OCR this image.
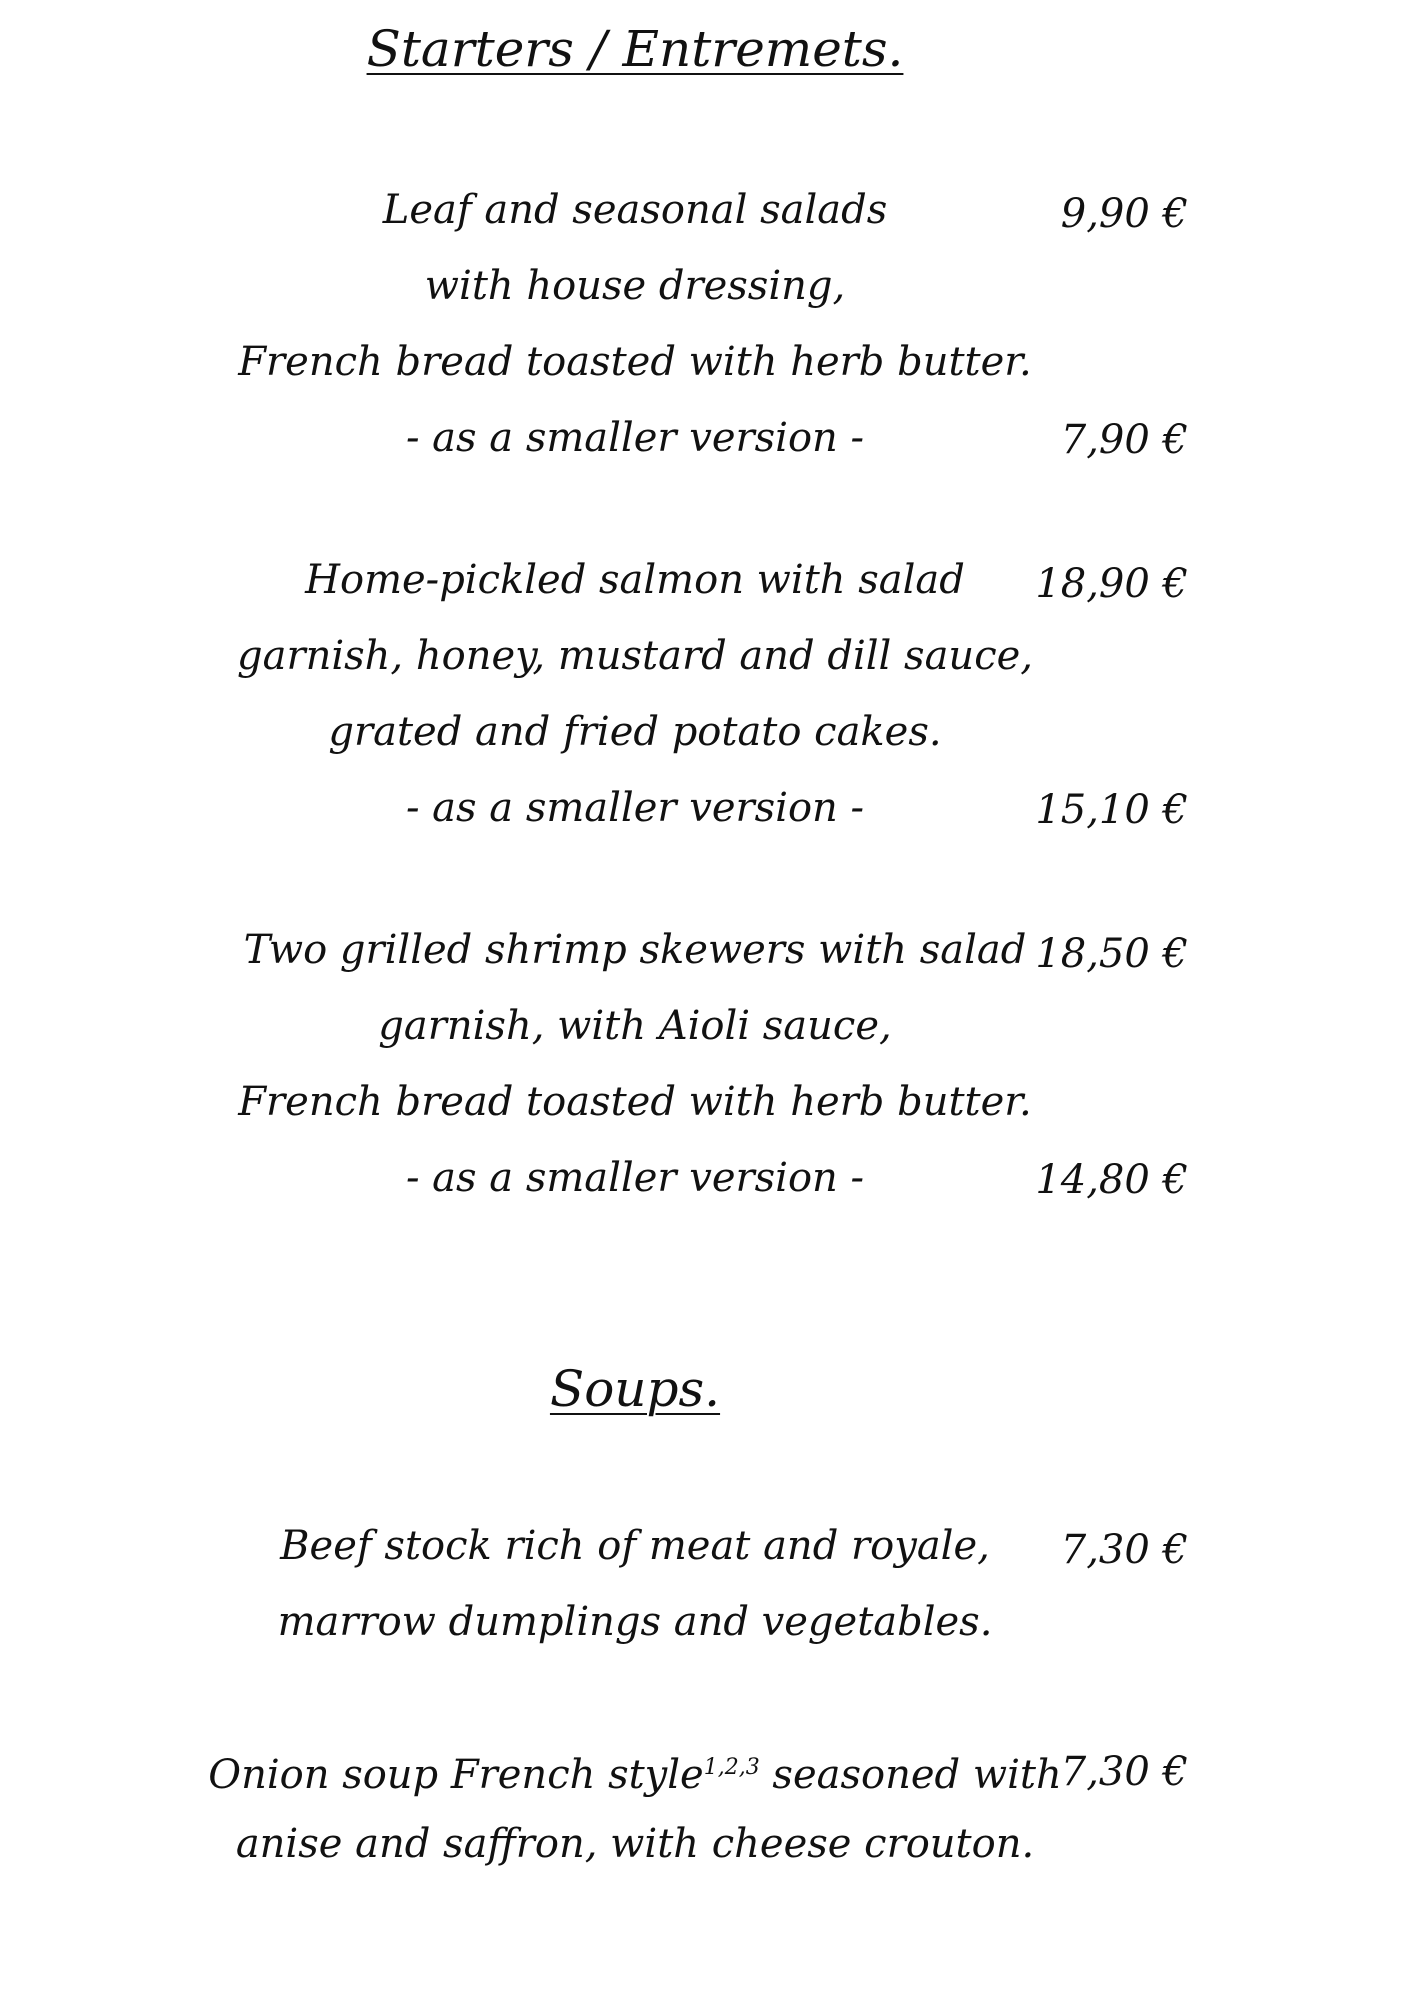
Starters / Entremets.

Leaf and seasonal salads

with house dressing,

French bread toasted with herb butter.

- as a smaller version -

9,90 €

7,90 €

Home-pickled salmon with salad

garnish, honey, mustard and dill sauce,

grated and fried potato cakes.

- as a smaller version -

18,90 €

15,10 €

Two grilled shrimp skewers with salad

garnish, with Aioli sauce,

French bread toasted with herb butter.

- as a smaller version -

18,50 €

14,80 €

Soups.

Beef stock rich of meat and royale,

marrow dumplings and vegetables.

7,30 €

Onion soup French style$^{1,2,3}$ seasoned with

anise and saffron, with cheese crouton.

7,30 €
